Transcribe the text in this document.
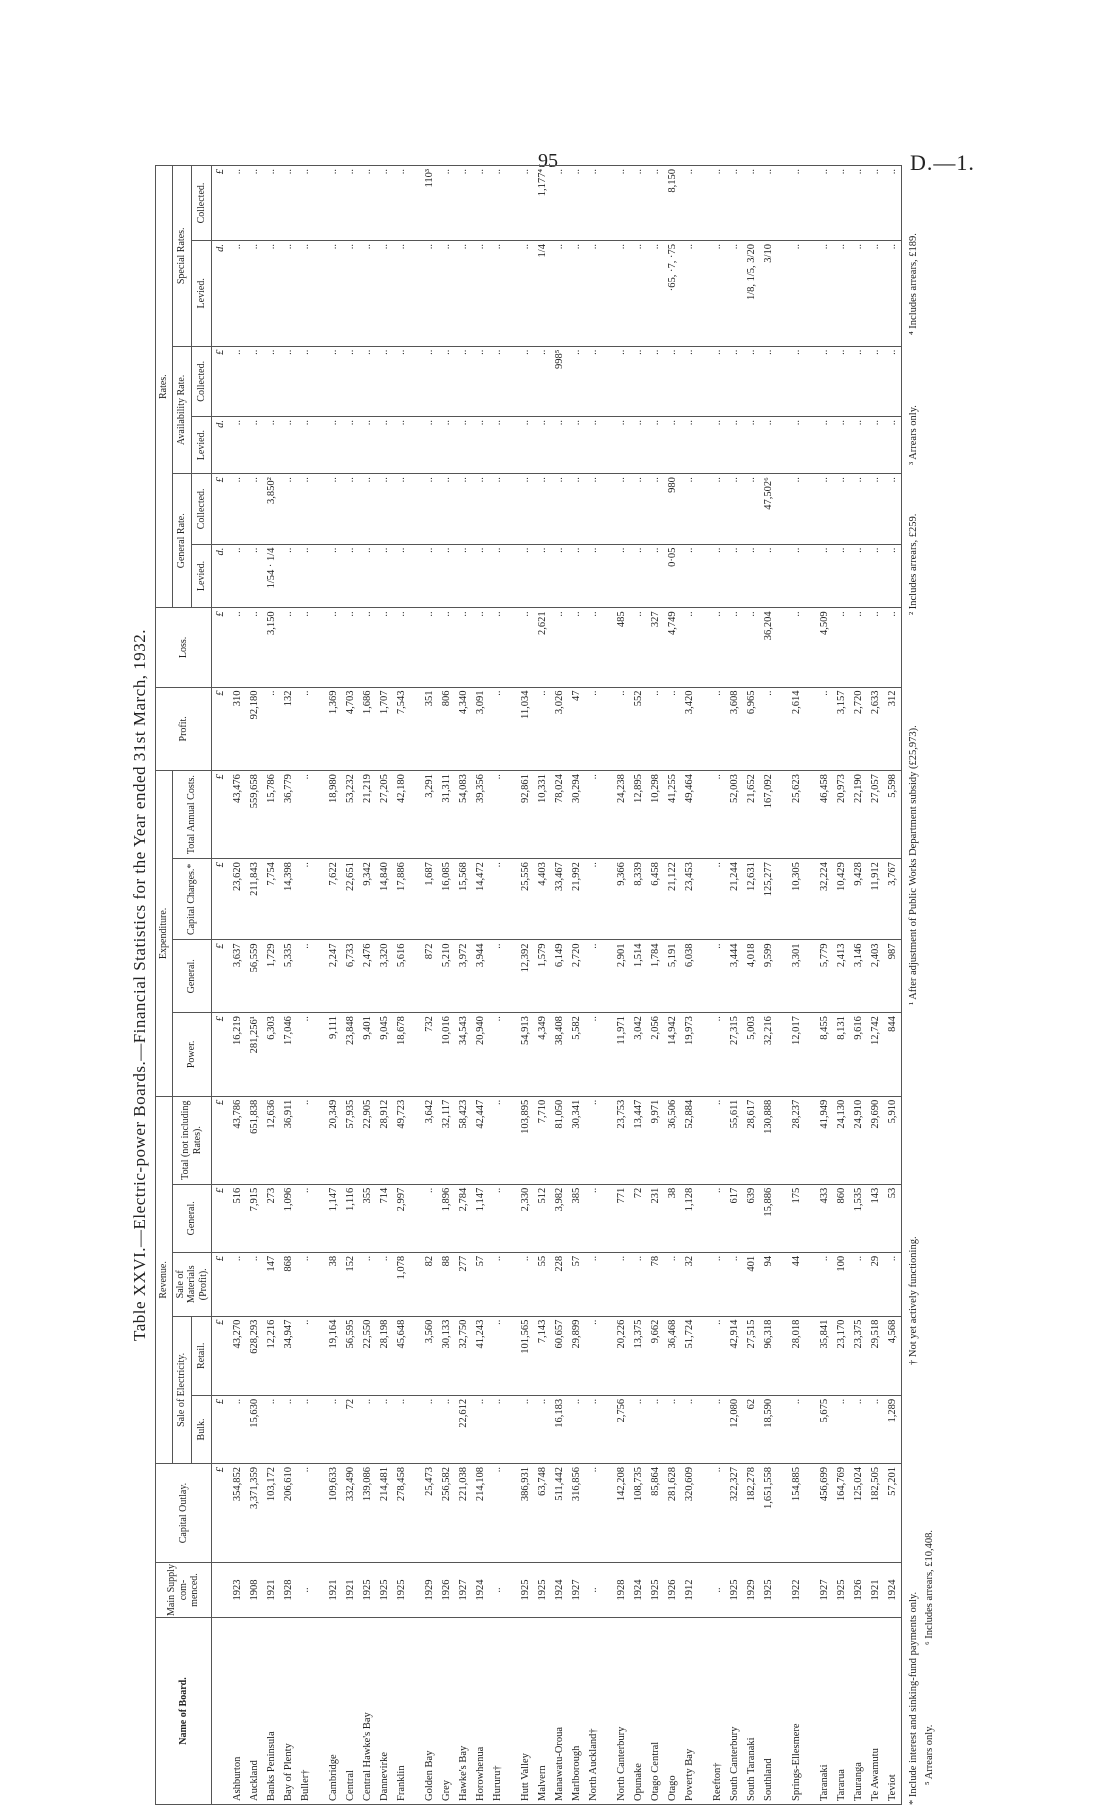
95	D.—1.
Table XXVI.—Electric-power Boards.—Financial Statistics for the Year ended 31st March, 1932.
Name of Board.	Main Supply com-menced.	Capital Outlay.	Revenue.					Expenditure.				Profit.	Loss.	Rates.					
			Sale of Electricity.		Sale of Materials (Profit).	General.	Total (not including Rates).	Power.	General.	Capital Charges.*	Total Annual Costs.			General Rate.		Availability Rate.		Special Rates.	
			Bulk.	Retail.										Levied.	Collected.	Levied.	Collected.	Levied.	Collected.
		£	£	£	£	£	£	£	£	£	£	£	£	d.	£	d.	£	d.	£
Ashburton	1923	354,852	..	43,270	..	516	43,786	16,219	3,637	23,620	43,476	310	..	..	..	..	..	..	..
Auckland	1908	3,371,359	15,630	628,293	..	7,915	651,838	281,256¹	56,559	211,843	559,658	92,180	..	..	..	..	..	..	..
Banks Peninsula	1921	103,172	..	12,216	147	273	12,636	6,303	1,729	7,754	15,786	..	3,150	1/54 · 1/4	3,850²	..	..	..	..
Bay of Plenty	1928	206,610	..	34,947	868	1,096	36,911	17,046	5,335	14,398	36,779	132	..	..	..	..	..	..	..
Buller†	..	..	..	..	..	..	..	..	..	..	..	..	..	..	..	..	..	..	..

Cambridge	1921	109,633	..	19,164	38	1,147	20,349	9,111	2,247	7,622	18,980	1,369	..	..	..	..	..	..	..
Central	1921	332,490	72	56,595	152	1,116	57,935	23,848	6,733	22,651	53,232	4,703	..	..	..	..	..	..	..
Central Hawke's Bay	1925	139,086	..	22,550	..	355	22,905	9,401	2,476	9,342	21,219	1,686	..	..	..	..	..	..	..
Dannevirke	1925	214,481	..	28,198	..	714	28,912	9,045	3,320	14,840	27,205	1,707	..	..	..	..	..	..	..
Franklin	1925	278,458	..	45,648	1,078	2,997	49,723	18,678	5,616	17,886	42,180	7,543	..	..	..	..	..	..	..

Golden Bay	1929	25,473	..	3,560	82	..	3,642	732	872	1,687	3,291	351	..	..	..	..	..	..	110³
Grey	1926	256,582	..	30,133	88	1,896	32,117	10,016	5,210	16,085	31,311	806	..	..	..	..	..	..	..
Hawke's Bay	1927	221,038	22,612	32,750	277	2,784	58,423	34,543	3,972	15,568	54,083	4,340	..	..	..	..	..	..	..
Horowhenua	1924	214,108	..	41,243	57	1,147	42,447	20,940	3,944	14,472	39,356	3,091	..	..	..	..	..	..	..
Hururu†	..	..	..	..	..	..	..	..	..	..	..	..	..	..	..	..	..	..	..

Hutt Valley	1925	386,931	..	101,565	..	2,330	103,895	54,913	12,392	25,556	92,861	11,034	..	..	..	..	..	..	..
Malvern	1925	63,748	..	7,143	55	512	7,710	4,349	1,579	4,403	10,331	..	2,621	..	..	..	..	1/4	1,177⁴
Manawatu-Oroua	1924	511,442	16,183	60,657	228	3,982	81,050	38,408	6,149	33,467	78,024	3,026	..	..	..	..	998⁵	..	..
Marlborough	1927	316,856	..	29,899	57	385	30,341	5,582	2,720	21,992	30,294	47	..	..	..	..	..	..	..
North Auckland†	..	..	..	..	..	..	..	..	..	..	..	..	..	..	..	..	..	..	..

North Canterbury	1928	142,208	2,756	20,226	..	771	23,753	11,971	2,901	9,366	24,238	..	485	..	..	..	..	..	..
Opunake	1924	108,735	..	13,375	..	72	13,447	3,042	1,514	8,339	12,895	552	..	..	..	..	..	..	..
Otago Central	1925	85,864	..	9,662	78	231	9,971	2,056	1,784	6,458	10,298	..	327	..	..	..	..	..	..
Otago	1926	281,628	..	36,468	..	38	36,506	14,942	5,191	21,122	41,255	..	4,749	0·05	980	..	..	·65, ·7, ·75	8,150
Poverty Bay	1912	320,609	..	51,724	32	1,128	52,884	19,973	6,038	23,453	49,464	3,420	..	..	..	..	..	..	..

Reefton†	..	..	..	..	..	..	..	..	..	..	..	..	..	..	..	..	..	..	..
South Canterbury	1925	322,327	12,080	42,914	..	617	55,611	27,315	3,444	21,244	52,003	3,608	..	..	..	..	..	..	..
South Taranaki	1929	182,278	62	27,515	401	639	28,617	5,003	4,018	12,631	21,652	6,965	..	..	..	..	..	1/8, 1/5, 3/20	..
Southland	1925	1,651,558	18,590	96,318	94	15,886	130,888	32,216	9,599	125,277	167,092	..	36,204	..	47,502⁶	..	..	3/10	..

Springs-Ellesmere	1922	154,885	..	28,018	44	175	28,237	12,017	3,301	10,305	25,623	2,614	..	..	..	..	..	..	..

Taranaki	1927	456,699	5,675	35,841	..	433	41,949	8,455	5,779	32,224	46,458	..	4,509	..	..	..	..	..	..
Tararua	1925	164,769	..	23,170	100	860	24,130	8,131	2,413	10,429	20,973	3,157	..	..	..	..	..	..	..
Tauranga	1926	125,024	..	23,375	..	1,535	24,910	9,616	3,146	9,428	22,190	2,720	..	..	..	..	..	..	..
Te Awamutu	1921	182,505	..	29,518	29	143	29,690	12,742	2,403	11,912	27,057	2,633	..	..	..	..	..	..	..
Teviot	1924	57,201	1,289	4,568	..	53	5,910	844	987	3,767	5,598	312	..	..	..	..	..	..	..
* Include interest and sinking-fund payments only.
† Not yet actively functioning.
¹ After adjustment of Public Works Department subsidy (£25,973).
² Includes arrears, £259.
³ Arrears only.
⁴ Includes arrears, £189.
⁵ Arrears only.
⁶ Includes arrears, £10,408.
